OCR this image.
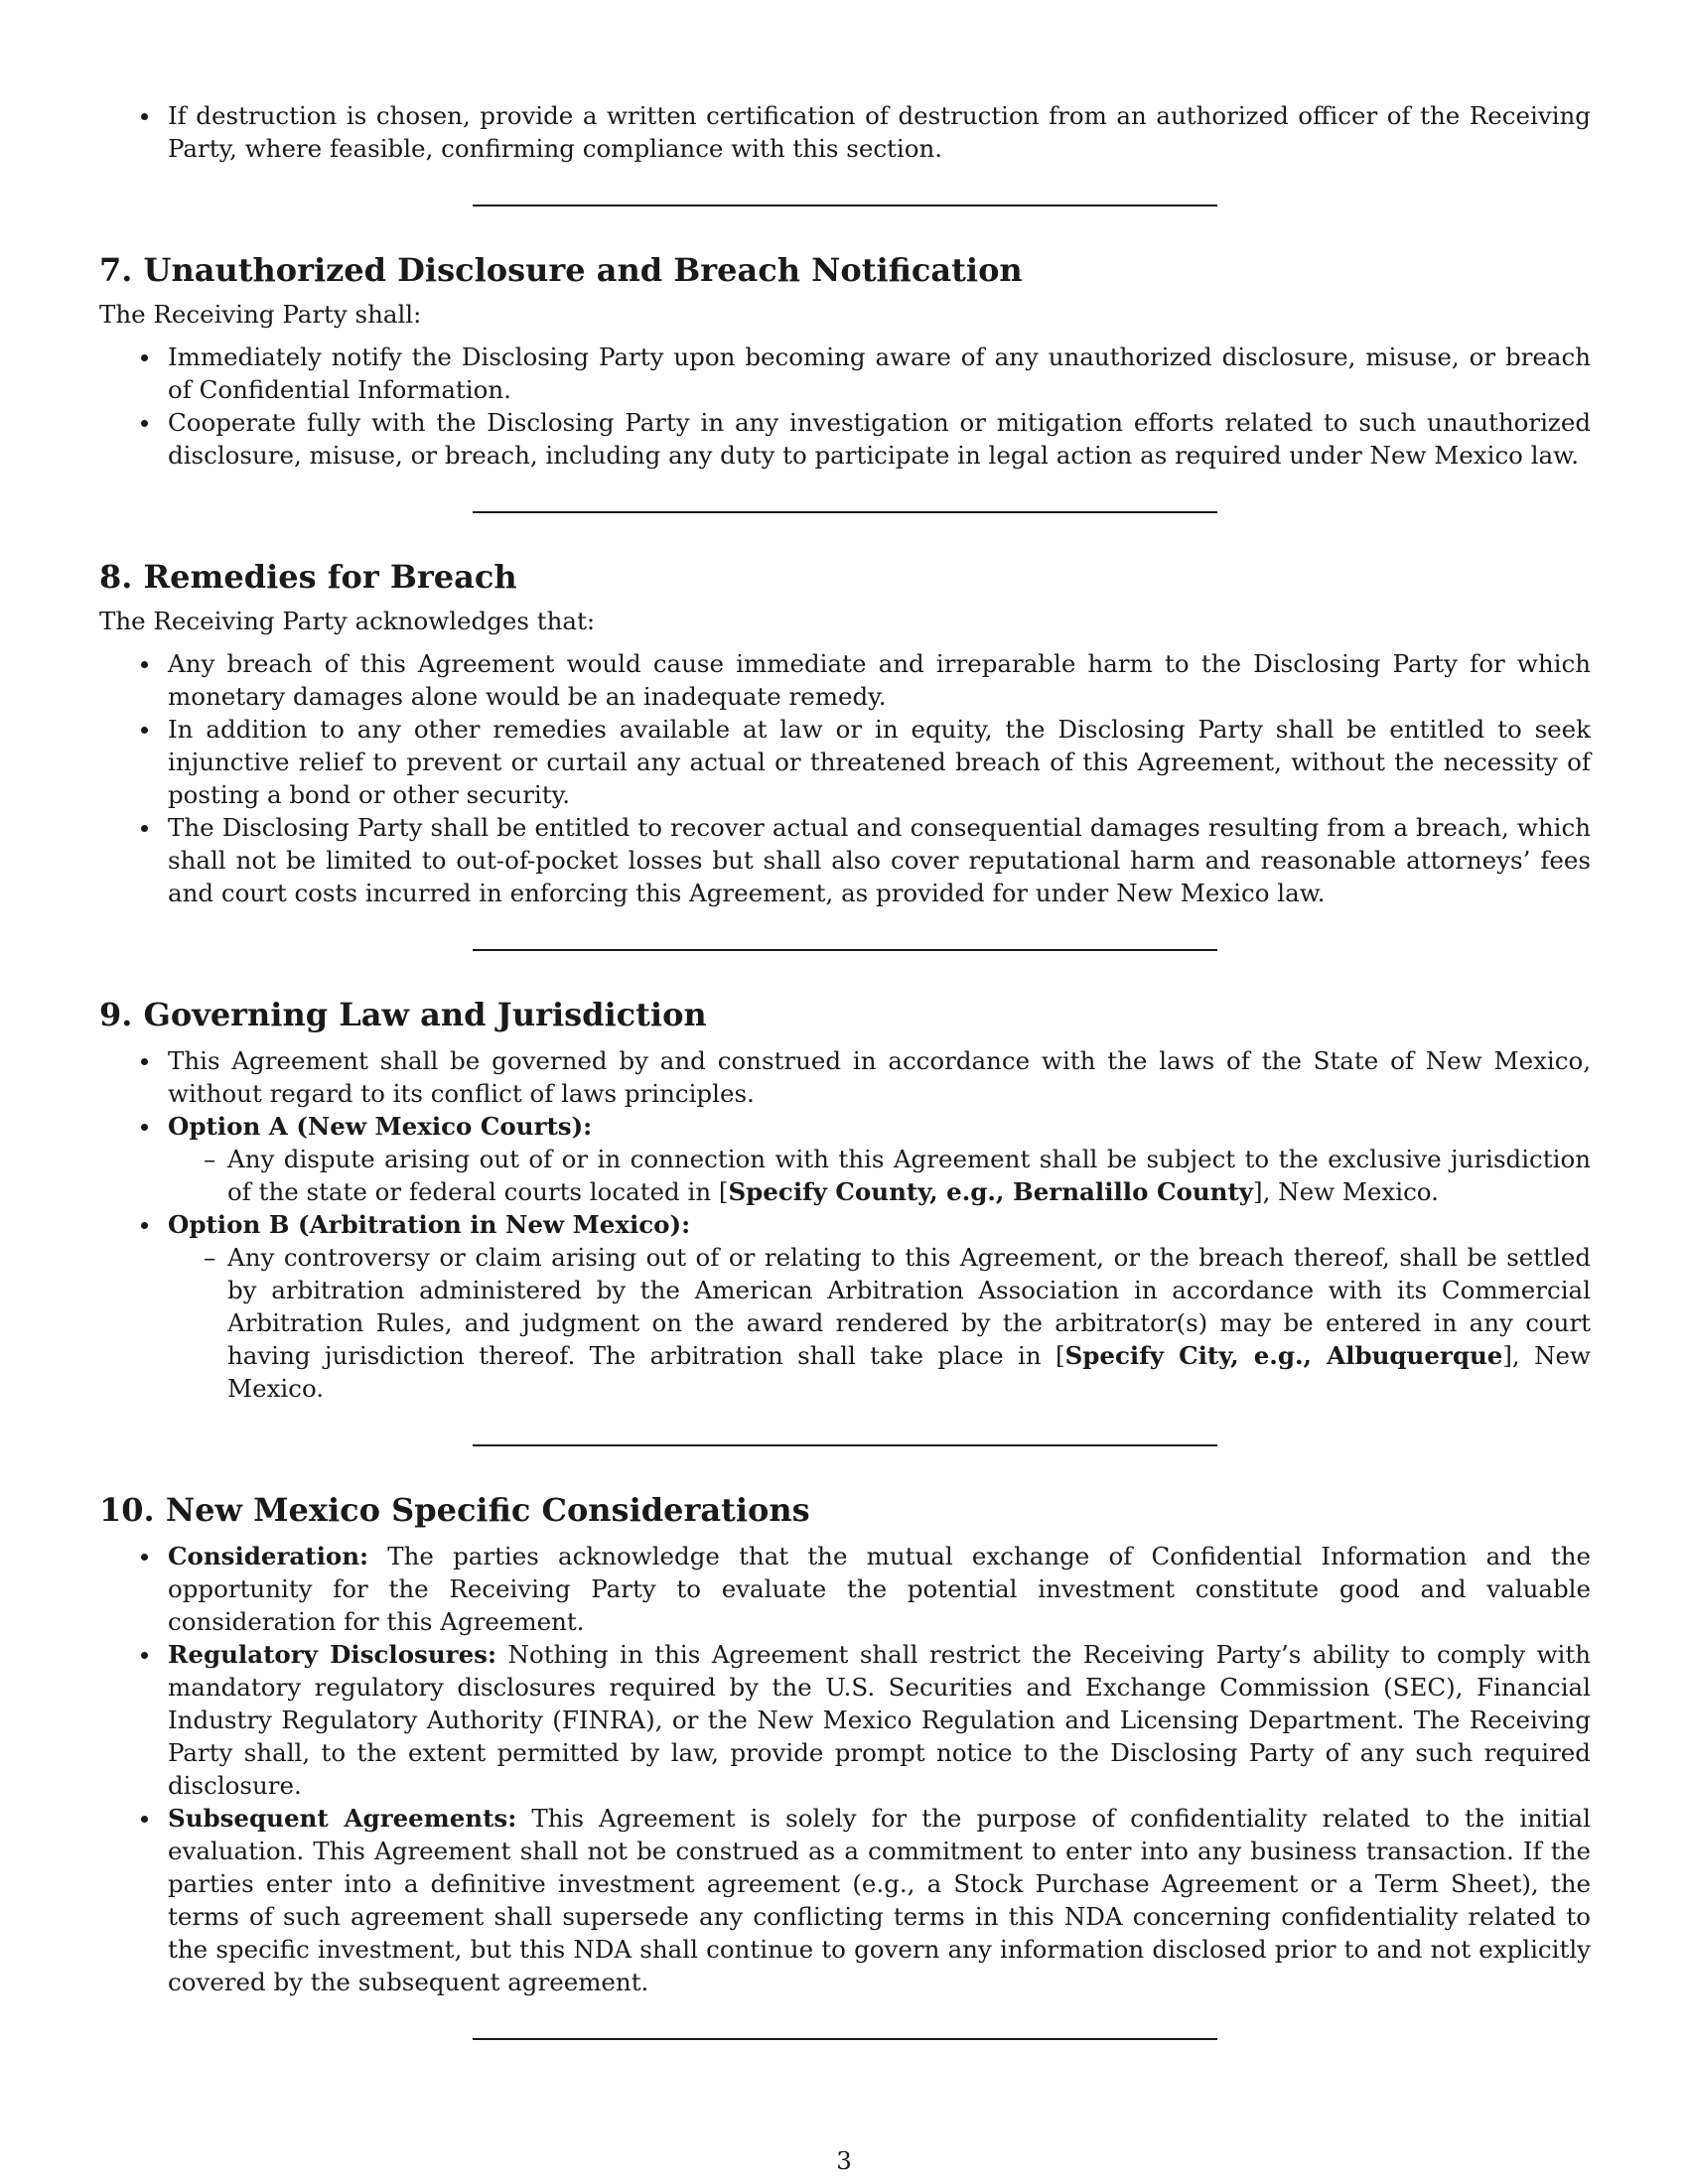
If destruction is chosen, provide a written certification of destruction from an authorized officer of the Receiving Party, where feasible, confirming compliance with this section.
7. Unauthorized Disclosure and Breach Notification

The Receiving Party shall:

Immediately notify the Disclosing Party upon becoming aware of any unauthorized disclosure, misuse, or breach of Confidential Information.
Cooperate fully with the Disclosing Party in any investigation or mitigation efforts related to such unauthorized disclosure, misuse, or breach, including any duty to participate in legal action as required under New Mexico law.
8. Remedies for Breach

The Receiving Party acknowledges that:

Any breach of this Agreement would cause immediate and irreparable harm to the Disclosing Party for which monetary damages alone would be an inadequate remedy.
In addition to any other remedies available at law or in equity, the Disclosing Party shall be entitled to seek injunctive relief to prevent or curtail any actual or threatened breach of this Agreement, without the necessity of posting a bond or other security.
The Disclosing Party shall be entitled to recover actual and consequential damages resulting from a breach, which shall not be limited to out-of-pocket losses but shall also cover reputational harm and reasonable attorneys’ fees and court costs incurred in enforcing this Agreement, as provided for under New Mexico law.
9. Governing Law and Jurisdiction
This Agreement shall be governed by and construed in accordance with the laws of the State of New Mexico, without regard to its conflict of laws principles.
Option A (New Mexico Courts):
– Any dispute arising out of or in connection with this Agreement shall be subject to the exclusive jurisdiction of the state or federal courts located in [Specify County, e.g., Bernalillo County], New Mexico.
Option B (Arbitration in New Mexico):
– Any controversy or claim arising out of or relating to this Agreement, or the breach thereof, shall be settled by arbitration administered by the American Arbitration Association in accordance with its Commercial Arbitration Rules, and judgment on the award rendered by the arbitrator(s) may be entered in any court having jurisdiction thereof. The arbitration shall take place in [Specify City, e.g., Albuquerque], New Mexico.
10. New Mexico Specific Considerations
Consideration: The parties acknowledge that the mutual exchange of Confidential Information and the opportunity for the Receiving Party to evaluate the potential investment constitute good and valuable consideration for this Agreement.
Regulatory Disclosures: Nothing in this Agreement shall restrict the Receiving Party’s ability to comply with mandatory regulatory disclosures required by the U.S. Securities and Exchange Commission (SEC), Financial Industry Regulatory Authority (FINRA), or the New Mexico Regulation and Licensing Department. The Receiving Party shall, to the extent permitted by law, provide prompt notice to the Disclosing Party of any such required disclosure.
Subsequent Agreements: This Agreement is solely for the purpose of confidentiality related to the initial evaluation. This Agreement shall not be construed as a commitment to enter into any business transaction. If the parties enter into a definitive investment agreement (e.g., a Stock Purchase Agreement or a Term Sheet), the terms of such agreement shall supersede any conflicting terms in this NDA concerning confidentiality related to the specific investment, but this NDA shall continue to govern any information disclosed prior to and not explicitly covered by the subsequent agreement.
3
